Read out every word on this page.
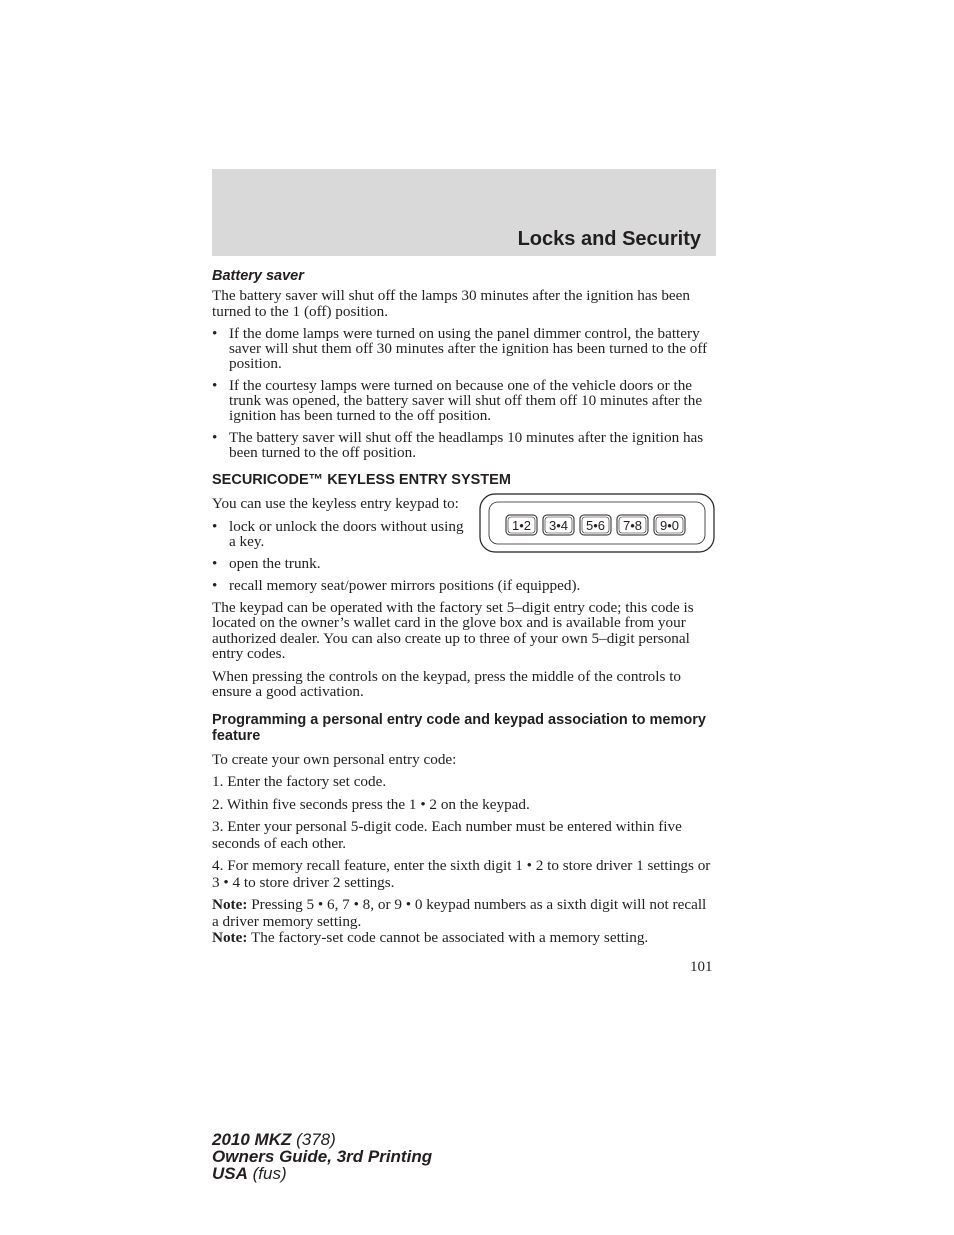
Locks and Security
Battery saver

The battery saver will shut off the lamps 30 minutes after the ignition has been turned to the 1 (off) position.

• If the dome lamps were turned on using the panel dimmer control, the battery saver will shut them off 30 minutes after the ignition has been turned to the off position.
• If the courtesy lamps were turned on because one of the vehicle doors or the trunk was opened, the battery saver will shut off them off 10 minutes after the ignition has been turned to the off position.
• The battery saver will shut off the headlamps 10 minutes after the ignition has been turned to the off position.
SECURICODE™ KEYLESS ENTRY SYSTEM

You can use the keyless entry keypad to:

• lock or unlock the doors without using a key.
1•2 3•4 5•6 7•8 9•0
• open the trunk.
• recall memory seat/power mirrors positions (if equipped).

The keypad can be operated with the factory set 5–digit entry code; this code is located on the owner’s wallet card in the glove box and is available from your authorized dealer. You can also create up to three of your own 5–digit personal entry codes.

When pressing the controls on the keypad, press the middle of the controls to ensure a good activation.

Programming a personal entry code and keypad association to memory feature

To create your own personal entry code:

1. Enter the factory set code.

2. Within five seconds press the 1 • 2 on the keypad.

3. Enter your personal 5-digit code. Each number must be entered within five seconds of each other.

4. For memory recall feature, enter the sixth digit 1 • 2 to store driver 1 settings or 3 • 4 to store driver 2 settings.

Note: Pressing 5 • 6, 7 • 8, or 9 • 0 keypad numbers as a sixth digit will not recall a driver memory setting.

Note: The factory-set code cannot be associated with a memory setting.

101
2010 MKZ (378)
Owners Guide, 3rd Printing
USA (fus)
